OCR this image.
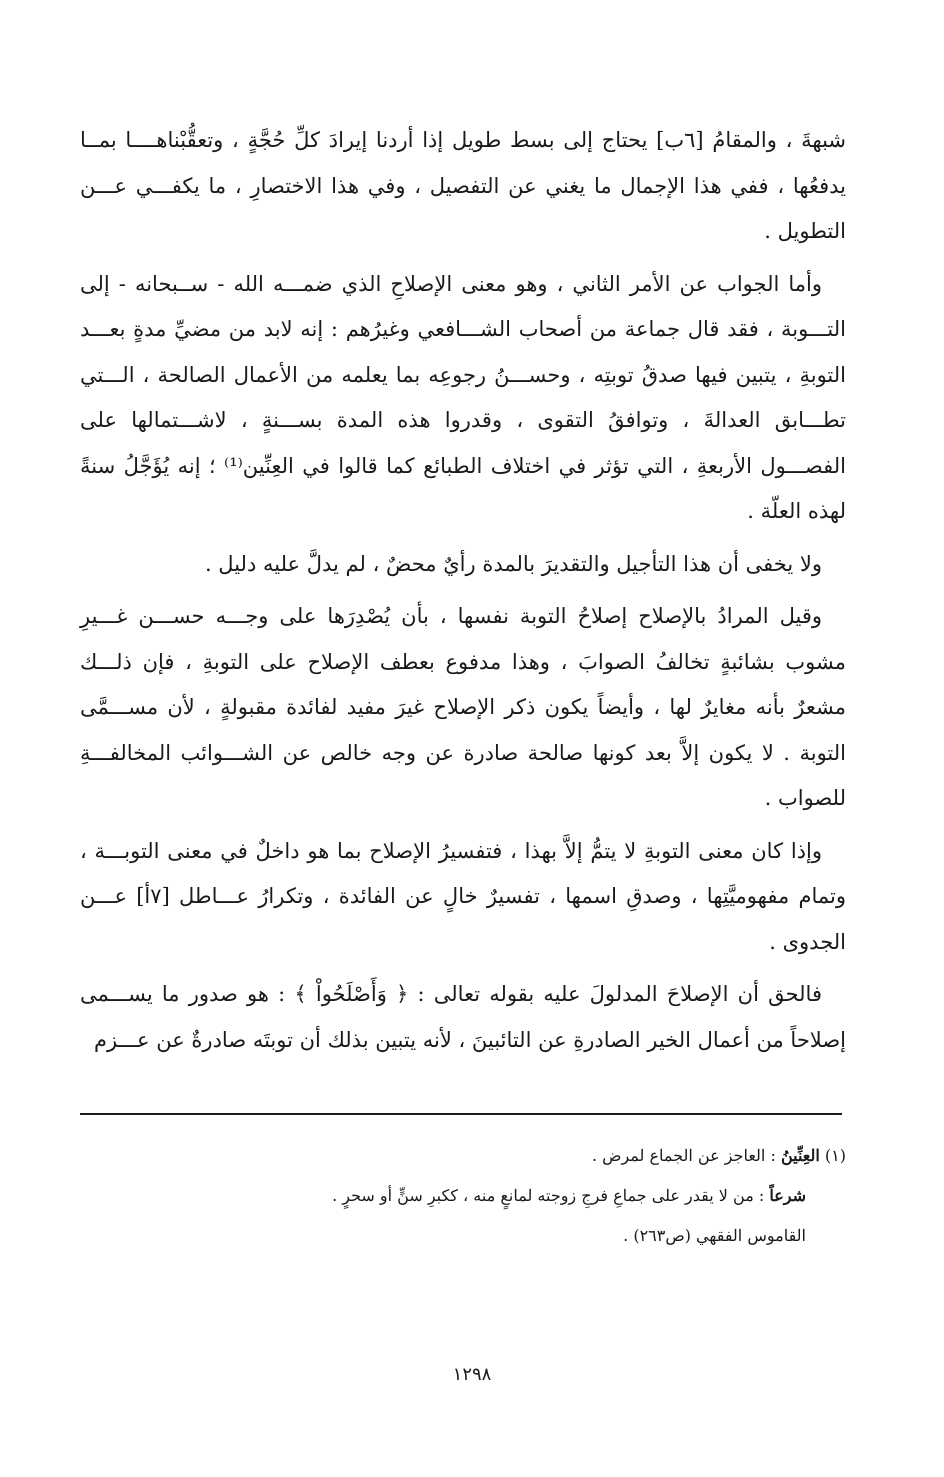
شبهةَ ، والمقامُ [٦ب] يحتاج إلى بسط طويل إذا أردنا إيرادَ كلِّ حُجَّةٍ ، وتعقُّبْناهــــا بمــا يدفعُها ، ففي هذا الإجمال ما يغني عن التفصيل ، وفي هذا الاختصارِ ، ما يكفـــي عـــن التطويل .

وأما الجواب عن الأمر الثاني ، وهو معنى الإصلاحِ الذي ضمـــه الله - ســبحانه - إلى التـــوبة ، فقد قال جماعة من أصحاب الشـــافعي وغيرُهم : إنه لابد من مضيِّ مدةٍ بعـــد التوبةِ ، يتبين فيها صدقُ توبتِه ، وحســـنُ رجوعِه بما يعلمه من الأعمال الصالحة ، الـــتي تطـــابق العدالةَ ، وتوافقُ التقوى ، وقدروا هذه المدة بســـنةٍ ، لاشـــتمالها على الفصـــول الأربعةِ ، التي تؤثر في اختلاف الطبائع كما قالوا في العِنِّين⁽¹⁾ ؛ إنه يُؤَجَّلُ سنةً لهذه العلّة .

ولا يخفى أن هذا التأجيل والتقديرَ بالمدة رأيٌ محضٌ ، لم يدلَّ عليه دليل .

وقيل المرادُ بالإصلاح إصلاحُ التوبة نفسها ، بأن يُصْدِرَها على وجـــه حســـن غـــيرِ مشوب بشائبةٍ تخالفُ الصوابَ ، وهذا مدفوع بعطف الإصلاح على التوبةِ ، فإن ذلـــك مشعرٌ بأنه مغايرٌ لها ، وأيضاً يكون ذكر الإصلاح غيرَ مفيد لفائدة مقبولةٍ ، لأن مســـمَّى التوبة . لا يكون إلاَّ بعد كونها صالحة صادرة عن وجه خالص عن الشـــوائب المخالفـــةِ للصواب .

وإذا كان معنى التوبةِ لا يتمُّ إلاَّ بهذا ، فتفسيرُ الإصلاح بما هو داخلٌ في معنى التوبـــة ، وتمام مفهوميَّتِها ، وصدقِ اسمها ، تفسيرٌ خالٍ عن الفائدة ، وتكرارُ عـــاطل [٧أ] عـــن الجدوى .

فالحق أن الإصلاحَ المدلولَ عليه بقوله تعالى : ﴿ وَأَصْلَحُواْ ﴾ : هو صدور ما يســـمى إصلاحاً من أعمال الخير الصادرةِ عن التائبينَ ، لأنه يتبين بذلك أن توبتَه صادرةٌ عن عـــزم

(١) العِنِّينُ : العاجز عن الجماع لمرض .

شرعاً : من لا يقدر على جماعِ فرجِ زوجته لمانعٍ منه ، ككبرِ سنٍّ أو سحرٍ .

القاموس الفقهي (ص٢٦٣) .

١٢٩٨
